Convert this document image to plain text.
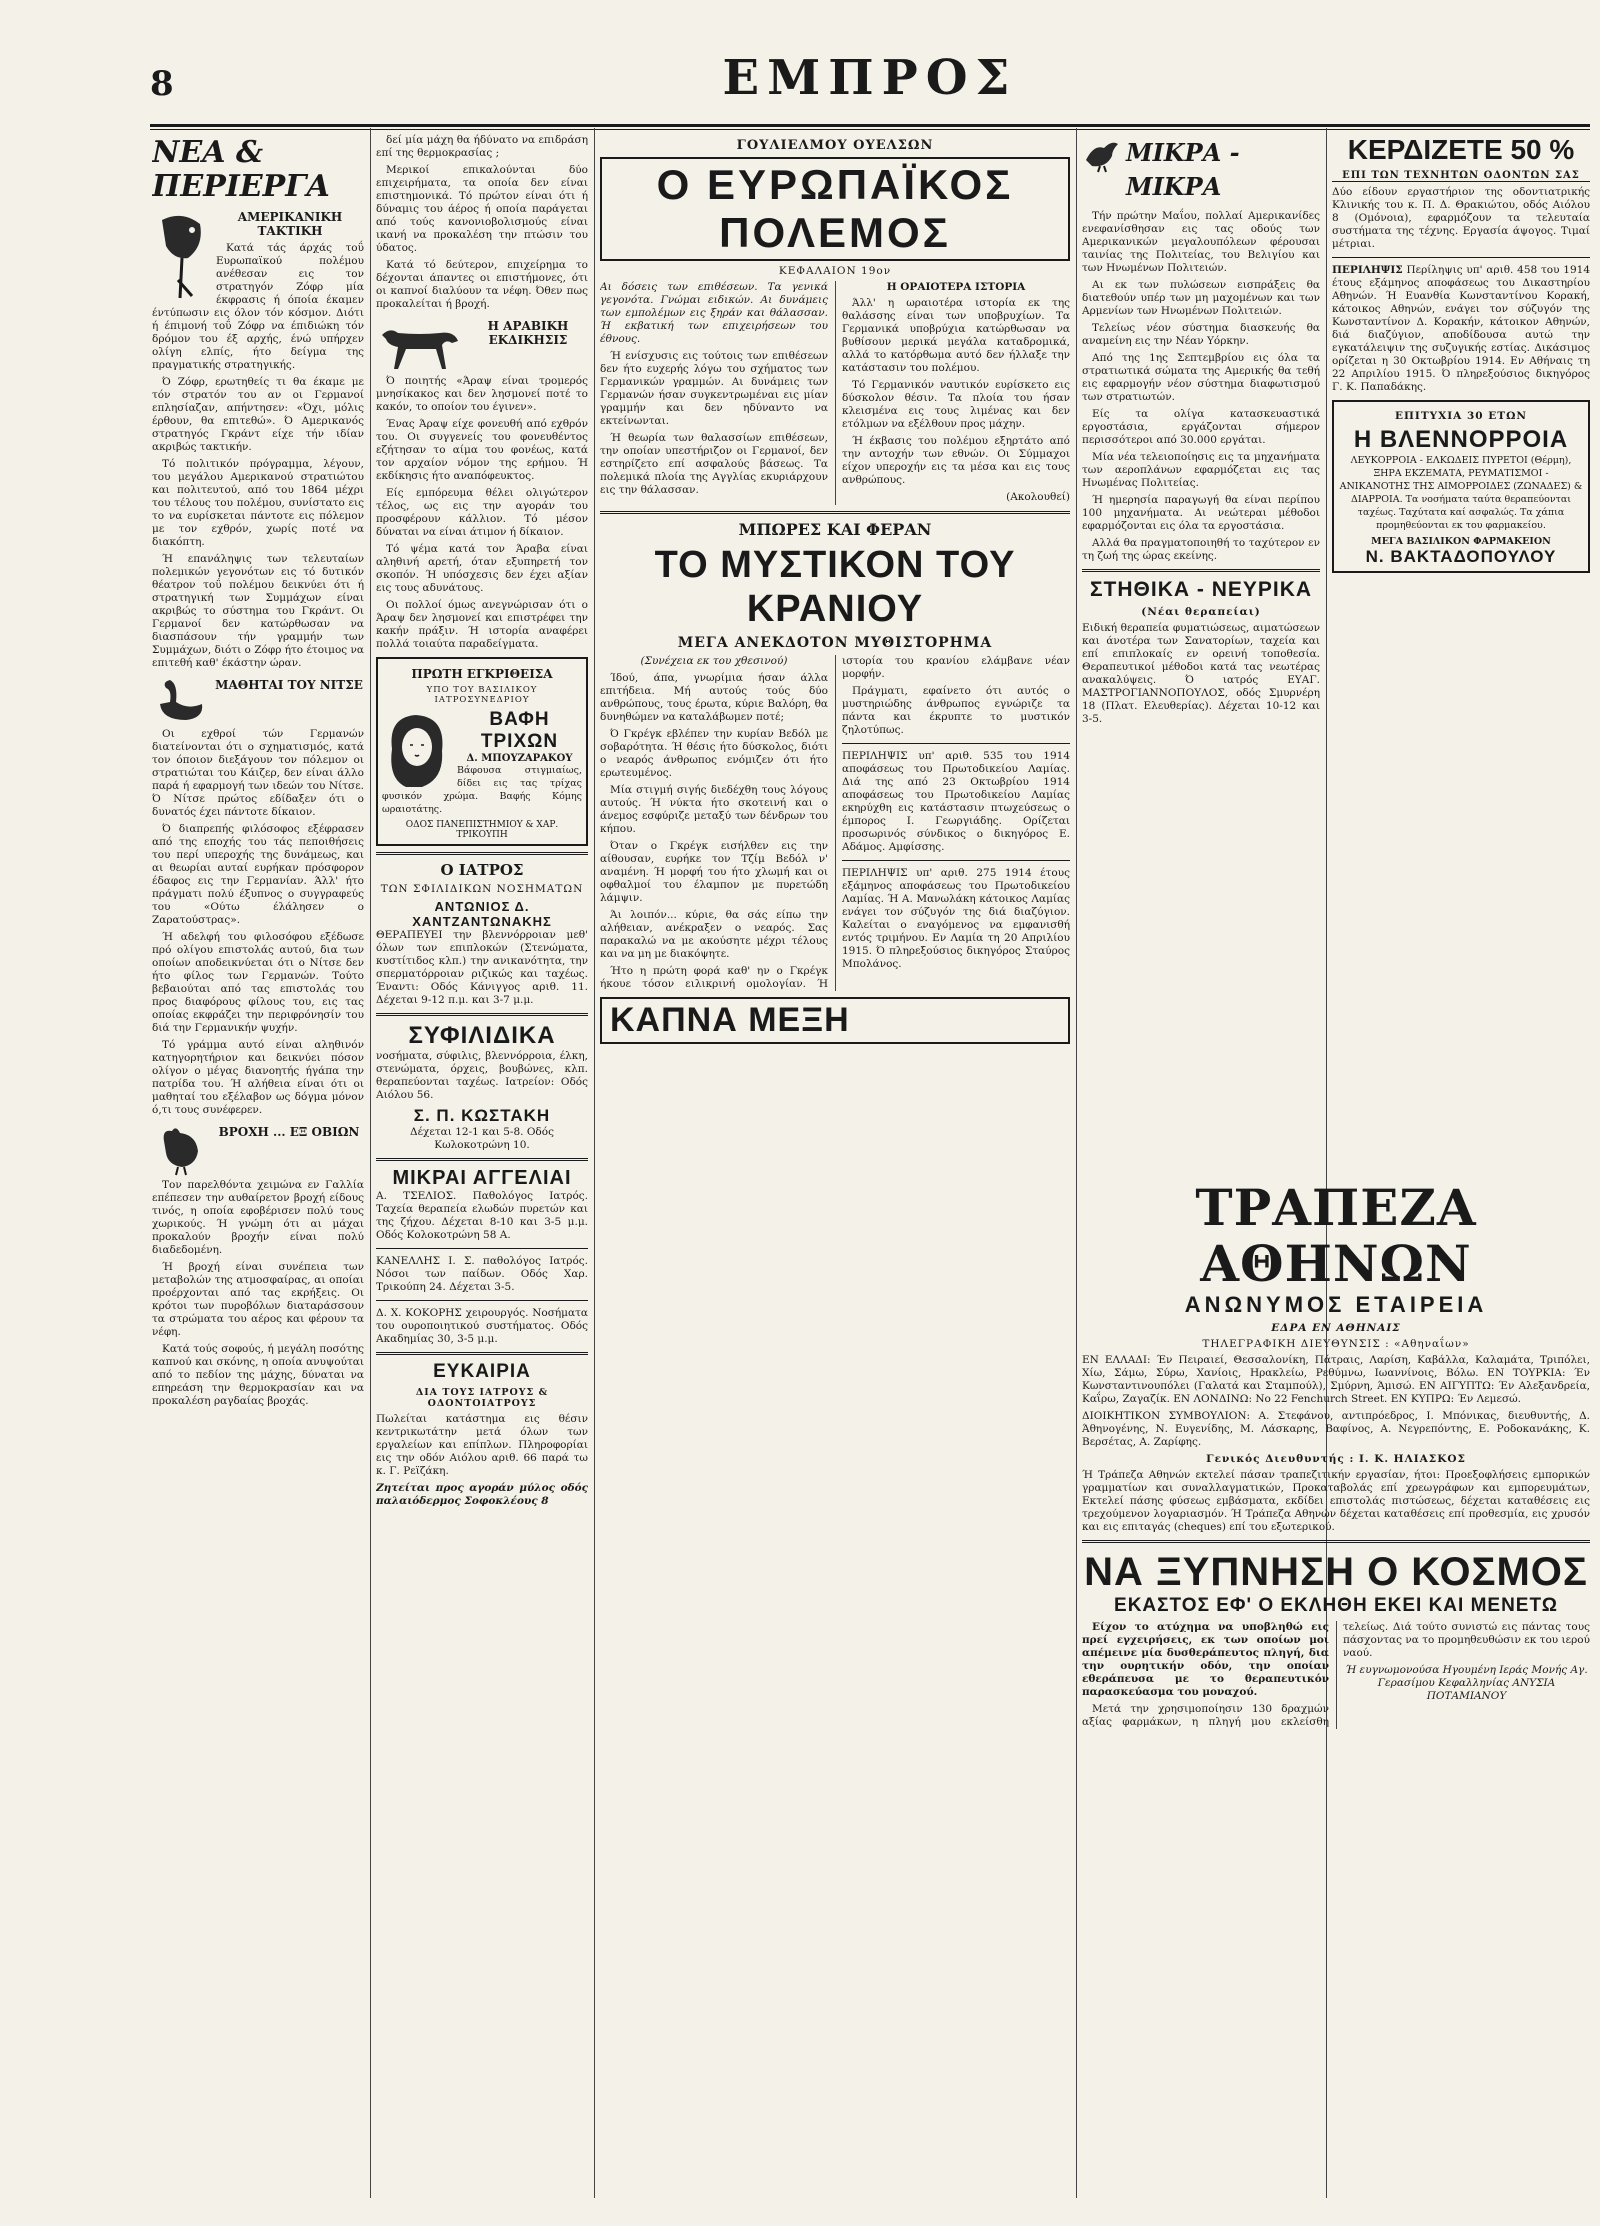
8	ΕΜΠΡΟΣ
ΝΕΑ & ΠΕΡΙΕΡΓΑ
ΑΜΕΡΙΚΑΝΙΚΗ ΤΑΚΤΙΚΗ

Κατά τάς άρχάς τοΰ Ευρωπαϊκού πολέμου ανέθεσαν εις τον στρατηγόν Ζόφρ μία έκφρασις ή όποία έκαμεν έντύπωσιν εις όλον τόν κόσμον. Διότι ή έπιμονή τοΰ Ζόφρ να έπιδιώκη τόν δρόμον του έξ αρχής, ένώ υπήρχεν ολίγη ελπίς, ήτο δείγμα της πραγματικής στρατηγικής.

Ό Ζόφρ, ερωτηθείς τι θα έκαμε με τόν στρατόν του αν οι Γερμανοί επλησίαζαν, απήντησεν: «Όχι, μόλις έρθουν, θα επιτεθώ». Ό Αμερικανός στρατηγός Γκράντ είχε τήν ιδίαν ακριβώς τακτικήν.

Τό πολιτικόν πρόγραμμα, λέγουν, του μεγάλου Αμερικανού στρατιώτου και πολιτευτού, από του 1864 μέχρι του τέλους του πολέμου, συνίστατο εις το να ευρίσκεται πάντοτε εις πόλεμον με τον εχθρόν, χωρίς ποτέ να διακόπτη.

Ή επανάληψις των τελευταίων πολεμικών γεγονότων εις τό δυτικόν θέατρον τοΰ πολέμου δεικνύει ότι ή στρατηγική των Συμμάχων είναι ακριβώς το σύστημα του Γκράντ. Οι Γερμανοί δεν κατώρθωσαν να διασπάσουν τήν γραμμήν των Συμμάχων, διότι ο Ζόφρ ήτο έτοιμος να επιτεθή καθ' έκάστην ώραν.

ΜΑΘΗΤΑΙ ΤΟΥ ΝΙΤΣΕ

Οι εχθροί τών Γερμανών διατείνονται ότι ο σχηματισμός, κατά τον όποιον διεξάγουν τον πόλεμον οι στρατιώται του Κάιζερ, δεν είναι άλλο παρά ή εφαρμογή των ιδεών του Νίτσε. Ό Νίτσε πρώτος εδίδαξεν ότι ο δυνατός έχει πάντοτε δίκαιον.

Ό διαπρεπής φιλόσοφος εξέφρασεν από της εποχής του τάς πεποιθήσεις του περί υπεροχής της δυνάμεως, και αι θεωρίαι αυταί ευρήκαν πρόσφορον έδαφος εις την Γερμανίαν. Άλλ' ήτο πράγματι πολύ έξυπνος ο συγγραφεύς του «Ούτω έλάλησεν ο Ζαρατούστρας».

Ή αδελφή του φιλοσόφου εξέδωσε πρό ολίγου επιστολάς αυτού, δια των οποίων αποδεικνύεται ότι ο Νίτσε δεν ήτο φίλος των Γερμανών. Τούτο βεβαιούται από τας επιστολάς του προς διαφόρους φίλους του, εις τας οποίας εκφράζει την περιφρόνησίν του διά την Γερμανικήν ψυχήν.

Τό γράμμα αυτό είναι αληθινόν κατηγορητήριον και δεικνύει πόσον ολίγον ο μέγας διανοητής ήγάπα την πατρίδα του. Ή αλήθεια είναι ότι οι μαθηταί του εξέλαβον ως δόγμα μόνον ό,τι τους συνέφερεν.

ΒΡΟΧΗ ... ΕΞ ΟΒΙΩΝ

Τον παρελθόντα χειμώνα εν Γαλλία επέπεσεν την αυθαίρετον βροχή είδους τινός, η οποία εφοβέρισεν πολύ τους χωρικούς. Ή γνώμη ότι αι μάχαι προκαλούν βροχήν είναι πολύ διαδεδομένη.

Ή βροχή είναι συνέπεια των μεταβολών της ατμοσφαίρας, αι οποίαι προέρχονται από τας εκρήξεις. Οι κρότοι των πυροβόλων διαταράσσουν τα στρώματα του αέρος και φέρουν τα νέφη.

Κατά τούς σοφούς, ή μεγάλη ποσότης καπνού και σκόνης, η οποία ανυψούται από το πεδίον της μάχης, δύναται να επηρεάση την θερμοκρασίαν και να προκαλέση ραγδαίας βροχάς.

δεί μία μάχη θα ήδύνατο να επιδράση επί της θερμοκρασίας ;

Μερικοί επικαλούνται δύο επιχειρήματα, τα οποία δεν είναι επιστημονικά. Τό πρώτον είναι ότι ή δύναμις του άέρος ή οποία παράγεται από τούς κανονιοβολισμούς είναι ικανή να προκαλέση την πτώσιν του ύδατος.

Κατά τό δεύτερον, επιχείρημα το δέχονται άπαντες οι επιστήμονες, ότι οι καπνοί διαλύουν τα νέφη. Όθεν πως προκαλείται ή βροχή.

Η ΑΡΑΒΙΚΗ ΕΚΔΙΚΗΣΙΣ

Ό ποιητής «Άραψ είναι τρομερός μνησίκακος και δεν λησμονεί ποτέ το κακόν, το οποίον του έγινεν».

Ένας Άραψ είχε φονευθή από εχθρόν του. Οι συγγενείς του φονευθέντος εζήτησαν το αίμα του φονέως, κατά τον αρχαίον νόμον της ερήμου. Ή εκδίκησις ήτο αναπόφευκτος.

Είς εμπόρευμα θέλει ολιγώτερον τέλος, ως εις την αγοράν του προσφέρουν κάλλιον. Τό μέσον δύναται να είναι άτιμον ή δίκαιον.

Τό ψέμα κατά τον Άραβα είναι αληθινή αρετή, όταν εξυπηρετή τον σκοπόν. Ή υπόσχεσις δεν έχει αξίαν εις τους αδυνάτους.

Οι πολλοί όμως ανεγνώρισαν ότι ο Άραψ δεν λησμονεί και επιστρέφει την κακήν πράξιν. Ή ιστορία αναφέρει πολλά τοιαύτα παραδείγματα.

ΠΡΩΤΗ ΕΓΚΡΙΘΕΙΣΑ
ΥΠΟ ΤΟΥ ΒΑΣΙΛΙΚΟΥ ΙΑΤΡΟΣΥΝΕΔΡΙΟΥ
ΒΑΦΗ ΤΡΙΧΩΝ
Δ. ΜΠΟΥΖΑΡΑΚΟΥ

Βάφουσα στιγμιαίως, δίδει εις τας τρίχας φυσικόν χρώμα. Βαφής Κόμης ωραιοτάτης.

ΟΔΟΣ ΠΑΝΕΠΙΣΤΗΜΙΟΥ & ΧΑΡ. ΤΡΙΚΟΥΠΗ
Ο ΙΑΤΡΟΣ
ΤΩΝ ΣΦΙΛΙΔΙΚΩΝ ΝΟΣΗΜΑΤΩΝ
ΑΝΤΩΝΙΟΣ Δ. ΧΑΝΤΖΑΝΤΩΝΑΚΗΣ

ΘΕΡΑΠΕΥΕΙ την βλεννόρροιαν μεθ' όλων των επιπλοκών (Στενώματα, κυστίτιδος κλπ.) την ανικανότητα, την σπερματόρροιαν ριζικώς και ταχέως. Έναντι: Οδός Κάνιγγος αριθ. 11. Δέχεται 9-12 π.μ. και 3-7 μ.μ.

ΣΥΦΙΛΙΔΙΚΑ

νοσήματα, σύφιλις, βλεννόρροια, έλκη, στενώματα, όρχεις, βουβώνες, κλπ. θεραπεύονται ταχέως. Ιατρείον: Οδός Αιόλου 56.

Σ. Π. ΚΩΣΤΑΚΗ

Δέχεται 12-1 και 5-8. Οδός Κωλοκοτρώνη 10.

ΜΙΚΡΑΙ ΑΓΓΕΛΙΑΙ

Α. ΤΣΕΛΙΟΣ. Παθολόγος Ιατρός. Ταχεία θεραπεία ελωδών πυρετών και της ζήχου. Δέχεται 8-10 και 3-5 μ.μ. Οδός Κολοκοτρώνη 58 Α.

ΚΑΝΕΛΛΗΣ Ι. Σ. παθολόγος Ιατρός. Νόσοι των παίδων. Οδός Χαρ. Τρικούπη 24. Δέχεται 3-5.

Δ. Χ. ΚΟΚΟΡΗΣ χειρουργός. Νοσήματα του ουροποιητικού συστήματος. Οδός Ακαδημίας 30, 3-5 μ.μ.

ΕΥΚΑΙΡΙΑ
ΔΙΑ ΤΟΥΣ ΙΑΤΡΟΥΣ & ΟΔΟΝΤΟΙΑΤΡΟΥΣ

Πωλείται κατάστημα εις θέσιν κεντρικωτάτην μετά όλων των εργαλείων και επίπλων. Πληροφορίαι εις την οδόν Αιόλου αριθ. 66 παρά τω κ. Γ. Ρεϊζάκη.

Ζητείται προς αγοράν μύλος οδός παλαιόδερμος Σοφοκλέους 8

ΓΟΥΛΙΕΛΜΟΥ ΟΥΕΛΣΩΝ
Ο ΕΥΡΩΠΑΪΚΟΣ ΠΟΛΕΜΟΣ
ΚΕΦΑΛΑΙΟΝ 19ον

Αι δόσεις των επιθέσεων. Τα γενικά γεγονότα. Γνώμαι ειδικών. Αι δυνάμεις των εμπολέμων εις ξηράν και θάλασσαν. Ή εκβατική των επιχειρήσεων του έθνους.

Ή ενίσχυσις εις τούτοις των επιθέσεων δεν ήτο ευχερής λόγω του σχήματος των Γερμανικών γραμμών. Αι δυνάμεις των Γερμανών ήσαν συγκεντρωμέναι εις μίαν γραμμήν και δεν ηδύναντο να εκτείνωνται.

Ή θεωρία των θαλασσίων επιθέσεων, την οποίαν υπεστήριζον οι Γερμανοί, δεν εστηρίζετο επί ασφαλούς βάσεως. Τα πολεμικά πλοία της Αγγλίας εκυριάρχουν εις την θάλασσαν.

Η ΟΡΑΙΟΤΕΡΑ ΙΣΤΟΡΙΑ

Άλλ' η ωραιοτέρα ιστορία εκ της θαλάσσης είναι των υποβρυχίων. Τα Γερμανικά υποβρύχια κατώρθωσαν να βυθίσουν μερικά μεγάλα καταδρομικά, αλλά το κατόρθωμα αυτό δεν ήλλαξε την κατάστασιν του πολέμου.

Τό Γερμανικόν ναυτικόν ευρίσκετο εις δύσκολον θέσιν. Τα πλοία του ήσαν κλεισμένα εις τους λιμένας και δεν ετόλμων να εξέλθουν προς μάχην.

Ή έκβασις του πολέμου εξηρτάτο από την αντοχήν των εθνών. Οι Σύμμαχοι είχον υπεροχήν εις τα μέσα και εις τους ανθρώπους.

(Ακολουθεί)

ΜΠΩΡΕΣ ΚΑΙ ΦΕΡΑΝ
ΤΟ ΜΥΣΤΙΚΟΝ ΤΟΥ ΚΡΑΝΙΟΥ
ΜΕΓΑ ΑΝΕΚΔΟΤΟΝ ΜΥΘΙΣΤΟΡΗΜΑ

(Συνέχεια εκ του χθεσινού)

Ίδού, άπα, γνωρίμια ήσαν άλλα επιτήδεια. Μή αυτούς τούς δύο ανθρώπους, τους έρωτα, κύριε Βαλόρη, θα δυνηθώμεν να καταλάβωμεν ποτέ;

Ό Γκρέγκ εβλέπεν την κυρίαν Βεδόλ με σοβαρότητα. Ή θέσις ήτο δύσκολος, διότι ο νεαρός άνθρωπος ενόμιζεν ότι ήτο ερωτευμένος.

Μία στιγμή σιγής διεδέχθη τους λόγους αυτούς. Ή νύκτα ήτο σκοτεινή και ο άνεμος εσφύριζε μεταξύ των δένδρων του κήπου.

Όταν ο Γκρέγκ εισήλθεν εις την αίθουσαν, ευρήκε τον Τζίμ Βεδόλ ν' αναμένη. Ή μορφή του ήτο χλωμή και οι οφθαλμοί του έλαμπον με πυρετώδη λάμψιν.

Άι λοιπόν... κύριε, θα σάς είπω την αλήθειαν, ανέκραξεν ο νεαρός. Σας παρακαλώ να με ακούσητε μέχρι τέλους και να μη με διακόψητε.

Ήτο η πρώτη φορά καθ' ην ο Γκρέγκ ήκουε τόσον ειλικρινή ομολογίαν. Ή ιστορία του κρανίου ελάμβανε νέαν μορφήν.

Πράγματι, εφαίνετο ότι αυτός ο μυστηριώδης άνθρωπος εγνώριζε τα πάντα και έκρυπτε το μυστικόν ζηλοτύπως.

ΠΕΡΙΛΗΨΙΣ υπ' αριθ. 535 του 1914 αποφάσεως του Πρωτοδικείου Λαμίας. Διά της από 23 Οκτωβρίου 1914 αποφάσεως του Πρωτοδικείου Λαμίας εκηρύχθη εις κατάστασιν πτωχεύσεως ο έμπορος Ι. Γεωργιάδης. Ορίζεται προσωρινός σύνδικος ο δικηγόρος Ε. Αδάμος. Αμφίσσης.

ΠΕΡΙΛΗΨΙΣ υπ' αριθ. 275 1914 έτους εξάμηνος αποφάσεως του Πρωτοδικείου Λαμίας. Ή Α. Μανωλάκη κάτοικος Λαμίας ενάγει τον σύζυγόν της διά διαζύγιον. Καλείται ο εναγόμενος να εμφανισθή εντός τριμήνου. Εν Λαμία τη 20 Απριλίου 1915. Ό πληρεξούσιος δικηγόρος Σταύρος Μπολάνος.

ΚΑΠΝΑ ΜΕΞΗ
ΜΙΚΡΑ - ΜΙΚΡΑ

Τήν πρώτην Μαΐου, πολλαί Αμερικανίδες ενεφανίσθησαν εις τας οδούς των Αμερικανικών μεγαλουπόλεων φέρουσαι ταινίας της Πολιτείας, του Βελιγίου και των Ηνωμένων Πολιτειών.

Αι εκ των πυλώσεων εισπράξεις θα διατεθούν υπέρ των μη μαχομένων και των Αρμενίων των Ηνωμένων Πολιτειών.

Τελείως νέον σύστημα διασκευής θα αναμείνη εις την Νέαν Υόρκην.

Από της 1ης Σεπτεμβρίου εις όλα τα στρατιωτικά σώματα της Αμερικής θα τεθή εις εφαρμογήν νέον σύστημα διαφωτισμού των στρατιωτών.

Είς τα ολίγα κατασκευαστικά εργοστάσια, εργάζονται σήμερον περισσότεροι από 30.000 εργάται.

Μία νέα τελειοποίησις εις τα μηχανήματα των αεροπλάνων εφαρμόζεται εις τας Ηνωμένας Πολιτείας.

Ή ημερησία παραγωγή θα είναι περίπου 100 μηχανήματα. Αι νεώτεραι μέθοδοι εφαρμόζονται εις όλα τα εργοστάσια.

Αλλά θα πραγματοποιηθή το ταχύτερον εν τη ζωή της ώρας εκείνης.

ΣΤΗΘΙΚΑ - ΝΕΥΡΙΚΑ
(Νέαι θεραπείαι)

Ειδική θεραπεία φυματιώσεως, αιματώσεων και άνοτέρα των Σανατορίων, ταχεία και επί επιπλοκαίς εν ορεινή τοποθεσία. Θεραπευτικοί μέθοδοι κατά τας νεωτέρας ανακαλύψεις. Ό ιατρός ΕΥΑΓ. ΜΑΣΤΡΟΓΙΑΝΝΟΠΟΥΛΟΣ, οδός Σμυρνέρη 18 (Πλατ. Ελευθερίας). Δέχεται 10-12 και 3-5.

ΚΕΡΔΙΖΕΤΕ 50 %
ΕΠΙ ΤΩΝ ΤΕΧΝΗΤΩΝ ΟΔΟΝΤΩΝ ΣΑΣ

Δύο είδουν εργαστήριον της οδοντιατρικής Κλινικής του κ. Π. Δ. Θρακιώτου, οδός Αιόλου 8 (Ομόνοια), εφαρμόζουν τα τελευταία συστήματα της τέχνης. Εργασία άψογος. Τιμαί μέτριαι.

ΠΕΡΙΛΗΨΙΣ Περίληψις υπ' αριθ. 458 του 1914 έτους εξάμηνος αποφάσεως του Δικαστηρίου Αθηνών. Ή Ευανθία Κωνσταντίνου Κορακή, κάτοικος Αθηνών, ενάγει τον σύζυγόν της Κωνσταντίνον Δ. Κορακήν, κάτοικον Αθηνών, διά διαζύγιον, αποδίδουσα αυτώ την εγκατάλειψιν της συζυγικής εστίας. Δικάσιμος ορίζεται η 30 Οκτωβρίου 1914. Εν Αθήναις τη 22 Απριλίου 1915. Ό πληρεξούσιος δικηγόρος Γ. Κ. Παπαδάκης.

ΕΠΙΤΥΧΙΑ 30 ΕΤΩΝ
Η ΒΛΕΝΝΟΡΡΟΙΑ

ΛΕΥΚΟΡΡΟΙΑ - ΕΛΚΩΔΕΙΣ ΠΥΡΕΤΟΙ (Θέρμη), ΞΗΡΑ ΕΚΖΕΜΑΤΑ, ΡΕΥΜΑΤΙΣΜΟΙ - ΑΝΙΚΑΝΟΤΗΣ ΤΗΣ ΑΙΜΟΡΡΟΙΔΕΣ (ΖΩΝΑΔΕΣ) & ΔΙΑΡΡΟΙΑ. Τα νοσήματα ταύτα θεραπεύονται ταχέως. Ταχύτατα καί ασφαλώς. Τα χάπια προμηθεύονται εκ του φαρμακείου.

ΜΕΓΑ ΒΑΣΙΛΙΚΟΝ ΦΑΡΜΑΚΕΙΟΝ
Ν. ΒΑΚΤΑΔΟΠΟΥΛΟΥ
ΤΡΑΠΕΖΑ ΑΘΗΝΩΝ
ΑΝΩΝΥΜΟΣ ΕΤΑΙΡΕΙΑ
ΕΔΡΑ ΕΝ ΑΘΗΝΑΙΣ
ΤΗΛΕΓΡΑΦΙΚΗ ΔΙΕΥΘΥΝΣΙΣ : «Αθηναΐων»

ΕΝ ΕΛΛΑΔΙ: Έν Πειραιεί, Θεσσαλονίκη, Πάτραις, Λαρίση, Καβάλλα, Καλαμάτα, Τριπόλει, Χίω, Σάμω, Σύρω, Χανίοις, Ηρακλείω, Ρεθύμνω, Ιωαννίνοις, Βόλω. ΕΝ ΤΟΥΡΚΙΑ: Έν Κωνσταντινουπόλει (Γαλατά και Σταμπούλ), Σμύρνη, Άμισώ. ΕΝ ΑΙΓΥΠΤΩ: Έν Αλεξανδρεία, Καΐρω, Ζαγαζίκ. ΕΝ ΛΟΝΔΙΝΩ: Νο 22 Fenchurch Street. ΕΝ ΚΥΠΡΩ: Έν Λεμεσώ.

ΔΙΟΙΚΗΤΙΚΟΝ ΣΥΜΒΟΥΛΙΟΝ: Α. Στεφάνου, αντιπρόεδρος, Ι. Μπόνικας, διευθυντής, Δ. Άθηνογένης, Ν. Ευγενίδης, Μ. Λάσκαρης, Βαφίνος, Α. Νεγρεπόντης, Ε. Ροδοκανάκης, Κ. Βερσέτας, Α. Ζαρίφης.

Γενικός Διευθυντής : Ι. Κ. ΗΛΙΑΣΚΟΣ

Ή Τράπεζα Αθηνών εκτελεί πάσαν τραπεζιτικήν εργασίαν, ήτοι: Προεξοφλήσεις εμπορικών γραμματίων και συναλλαγματικών, Προκαταβολάς επί χρεωγράφων και εμπορευμάτων, Εκτελεί πάσης φύσεως εμβάσματα, εκδίδει επιστολάς πιστώσεως, δέχεται καταθέσεις εις τρεχούμενον λογαριασμόν. Ή Τράπεζα Αθηνών δέχεται καταθέσεις επί προθεσμία, εις χρυσόν και εις επιταγάς (cheques) επί του εξωτερικού.

ΝΑ ΞΥΠΝΗΣΗ Ο ΚΟΣΜΟΣ
ΕΚΑΣΤΟΣ ΕΦ' Ο ΕΚΛΗΘΗ ΕΚΕΙ ΚΑΙ ΜΕΝΕΤΩ

Είχον το ατύχημα να υποβληθώ εις πρεί εγχειρήσεις, εκ των οποίων μοι απέμεινε μία δυσθεράπευτος πληγή, δια την ουρητικήν οδόν, την οποίαν εθεράπευσα με το θεραπευτικόν παρασκεύασμα του μοναχού.

Μετά την χρησιμοποίησιν 130 δραχμών αξίας φαρμάκων, η πληγή μου εκλείσθη τελείως. Διά τούτο συνιστώ εις πάντας τους πάσχοντας να το προμηθευθώσιν εκ του ιερού ναού.

Ή ευγνωμονούσα Ηγουμένη Ιεράς Μονής Αγ. Γερασίμου Κεφαλληνίας ΑΝΥΣΙΑ ΠΟΤΑΜΙΑΝΟΥ
